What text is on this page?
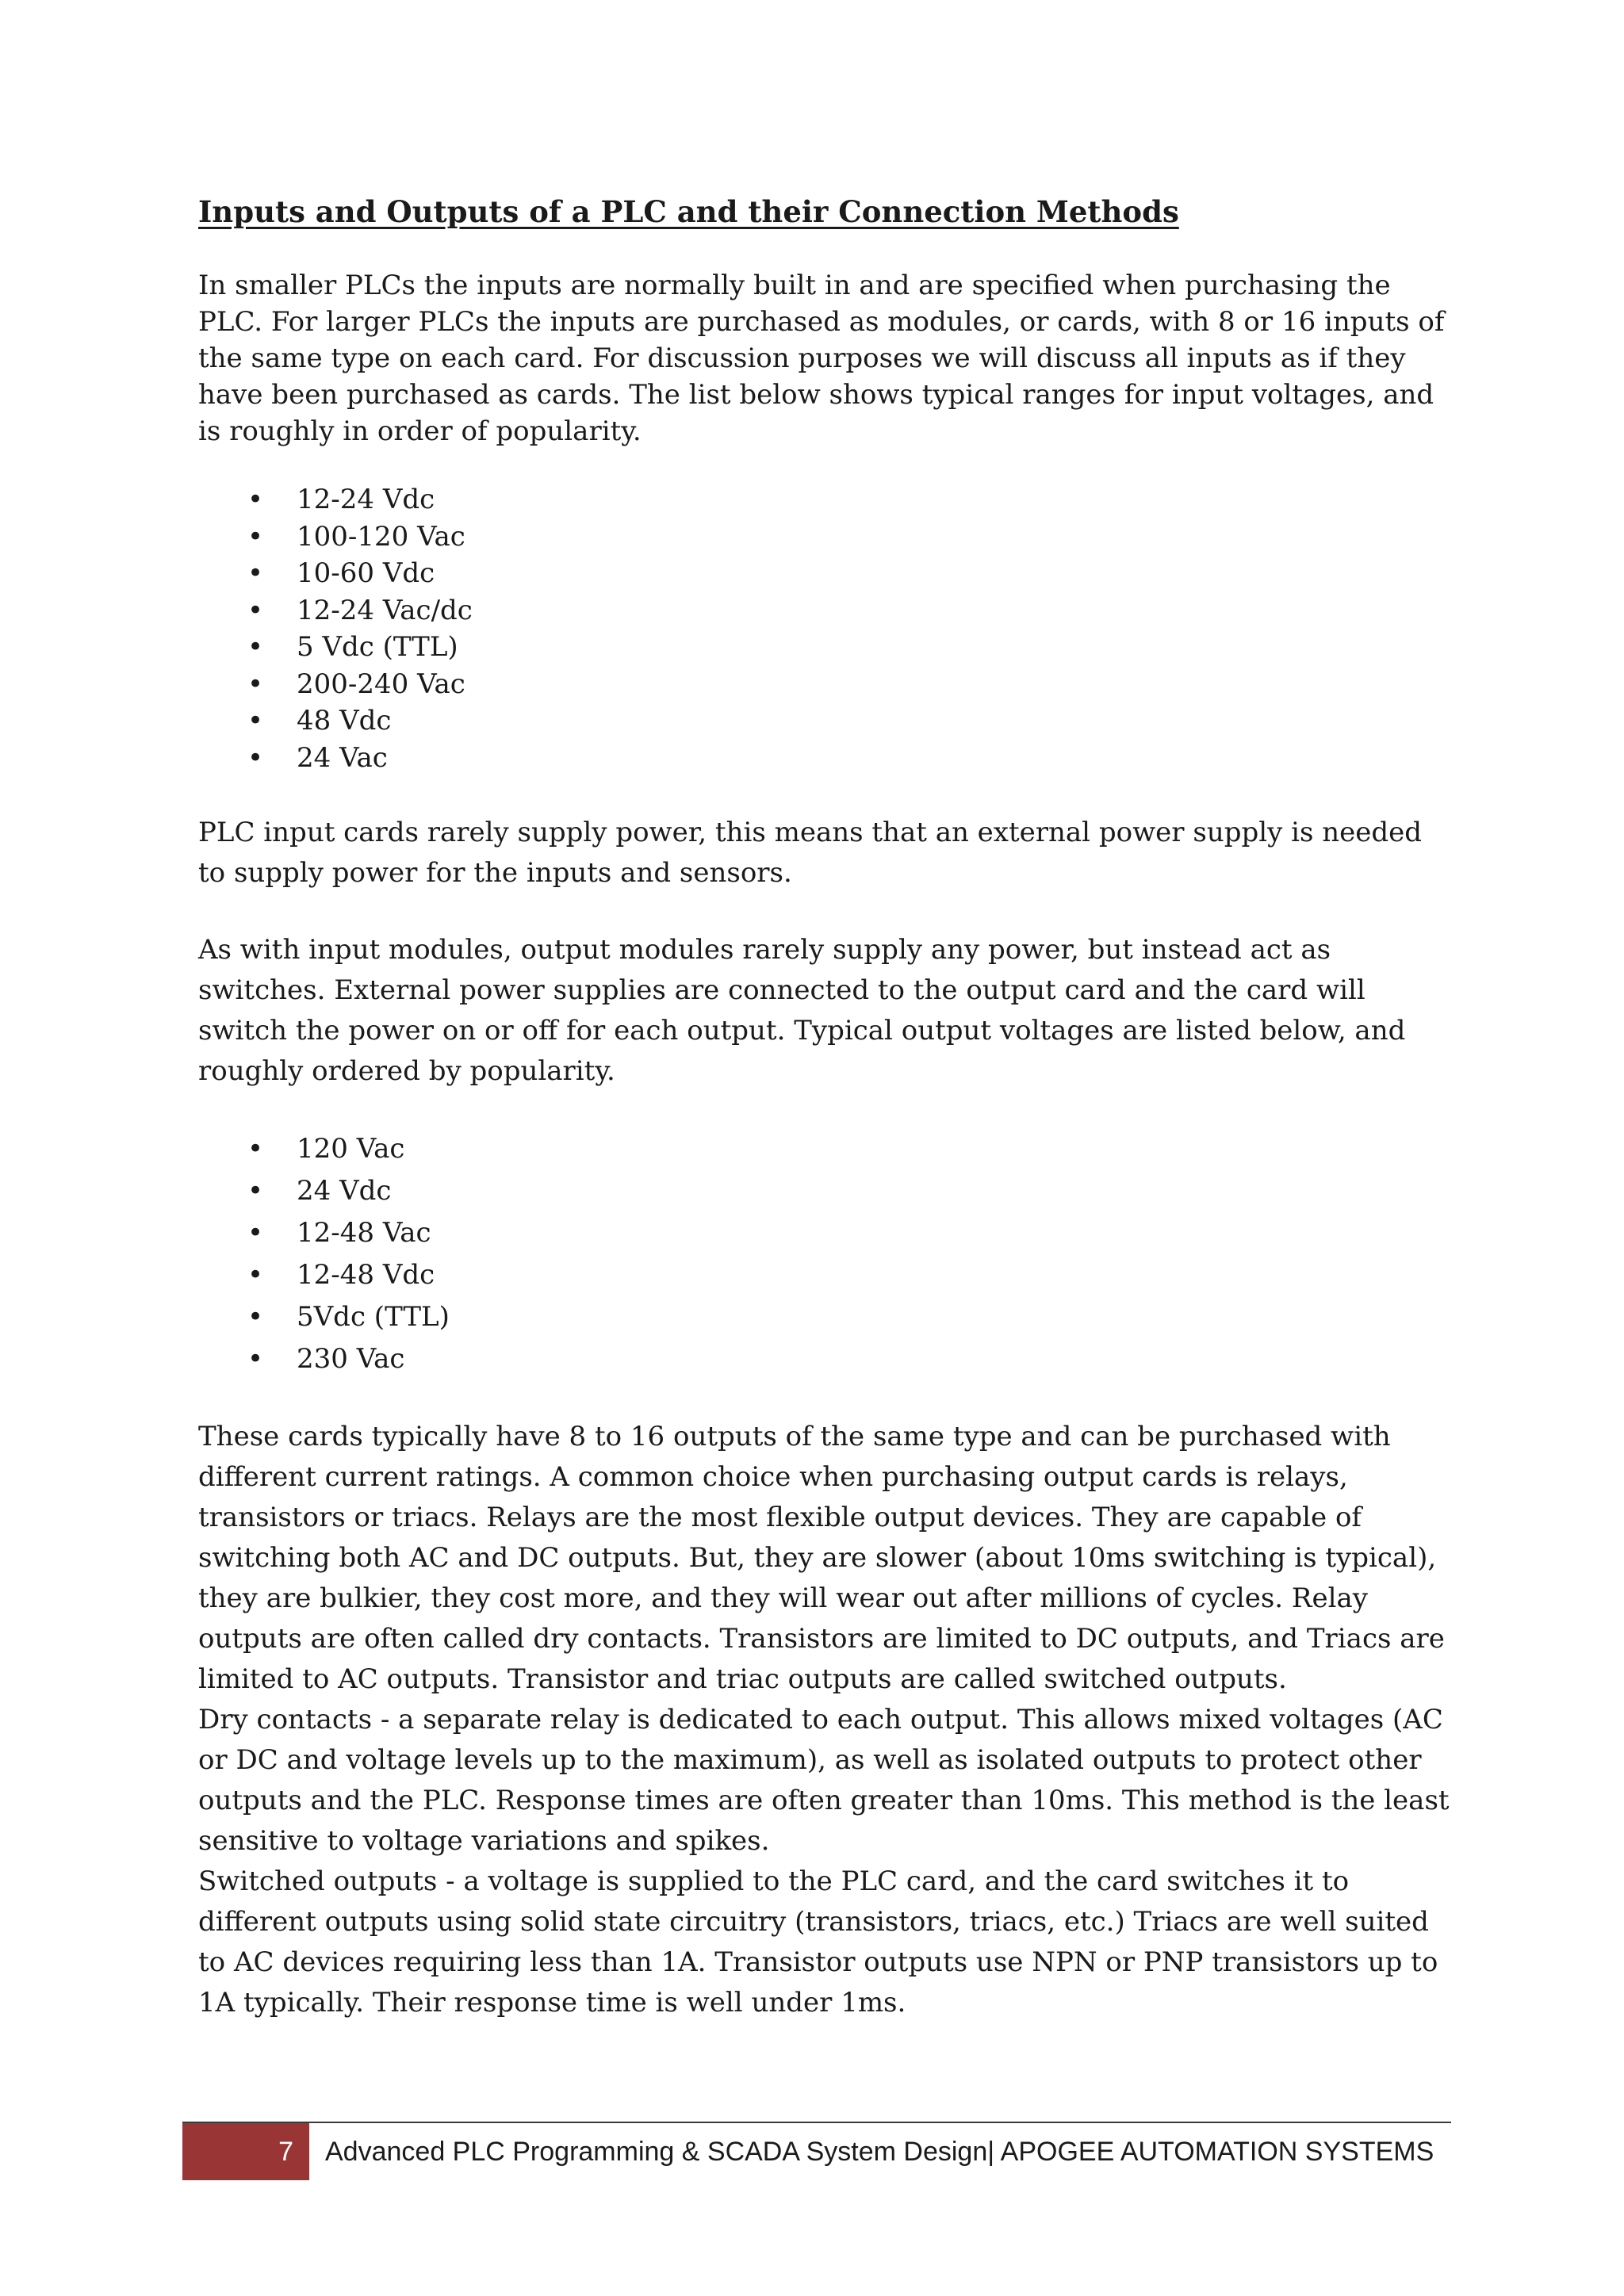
Inputs and Outputs of a PLC and their Connection Methods

In smaller PLCs the inputs are normally built in and are specified when purchasing the PLC. For larger PLCs the inputs are purchased as modules, or cards, with 8 or 16 inputs of the same type on each card. For discussion purposes we will discuss all inputs as if they have been purchased as cards. The list below shows typical ranges for input voltages, and is roughly in order of popularity.

• 12-24 Vdc
• 100-120 Vac
• 10-60 Vdc
• 12-24 Vac/dc
• 5 Vdc (TTL)
• 200-240 Vac
• 48 Vdc
• 24 Vac

PLC input cards rarely supply power, this means that an external power supply is needed to supply power for the inputs and sensors.

As with input modules, output modules rarely supply any power, but instead act as switches. External power supplies are connected to the output card and the card will switch the power on or off for each output. Typical output voltages are listed below, and roughly ordered by popularity.

• 120 Vac
• 24 Vdc
• 12-48 Vac
• 12-48 Vdc
• 5Vdc (TTL)
• 230 Vac

These cards typically have 8 to 16 outputs of the same type and can be purchased with different current ratings. A common choice when purchasing output cards is relays, transistors or triacs. Relays are the most flexible output devices. They are capable of switching both AC and DC outputs. But, they are slower (about 10ms switching is typical), they are bulkier, they cost more, and they will wear out after millions of cycles. Relay outputs are often called dry contacts. Transistors are limited to DC outputs, and Triacs are limited to AC outputs. Transistor and triac outputs are called switched outputs.

Dry contacts - a separate relay is dedicated to each output. This allows mixed voltages (AC or DC and voltage levels up to the maximum), as well as isolated outputs to protect other outputs and the PLC. Response times are often greater than 10ms. This method is the least sensitive to voltage variations and spikes.

Switched outputs - a voltage is supplied to the PLC card, and the card switches it to different outputs using solid state circuitry (transistors, triacs, etc.) Triacs are well suited to AC devices requiring less than 1A. Transistor outputs use NPN or PNP transistors up to 1A typically. Their response time is well under 1ms.

7 Advanced PLC Programming & SCADA System Design| APOGEE AUTOMATION SYSTEMS
